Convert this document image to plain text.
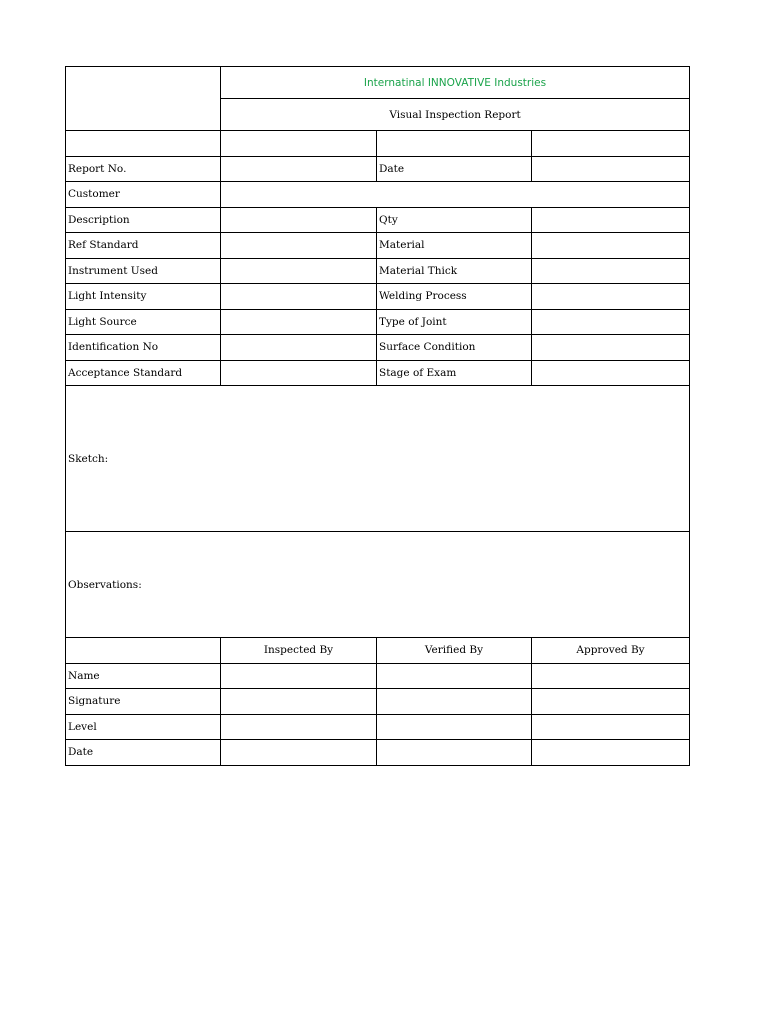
	Internatinal INNOVATIVE Industries		
	Visual Inspection Report		

Report No.		Date	
Customer			
Description		Qty	
Ref Standard		Material	
Instrument Used		Material Thick	
Light Intensity		Welding Process	
Light Source		Type of Joint	
Identification No		Surface Condition	
Acceptance Standard		Stage of Exam	
Sketch:			
Observations:			
	Inspected By	Verified By	Approved By
Name			
Signature			
Level			
Date			
